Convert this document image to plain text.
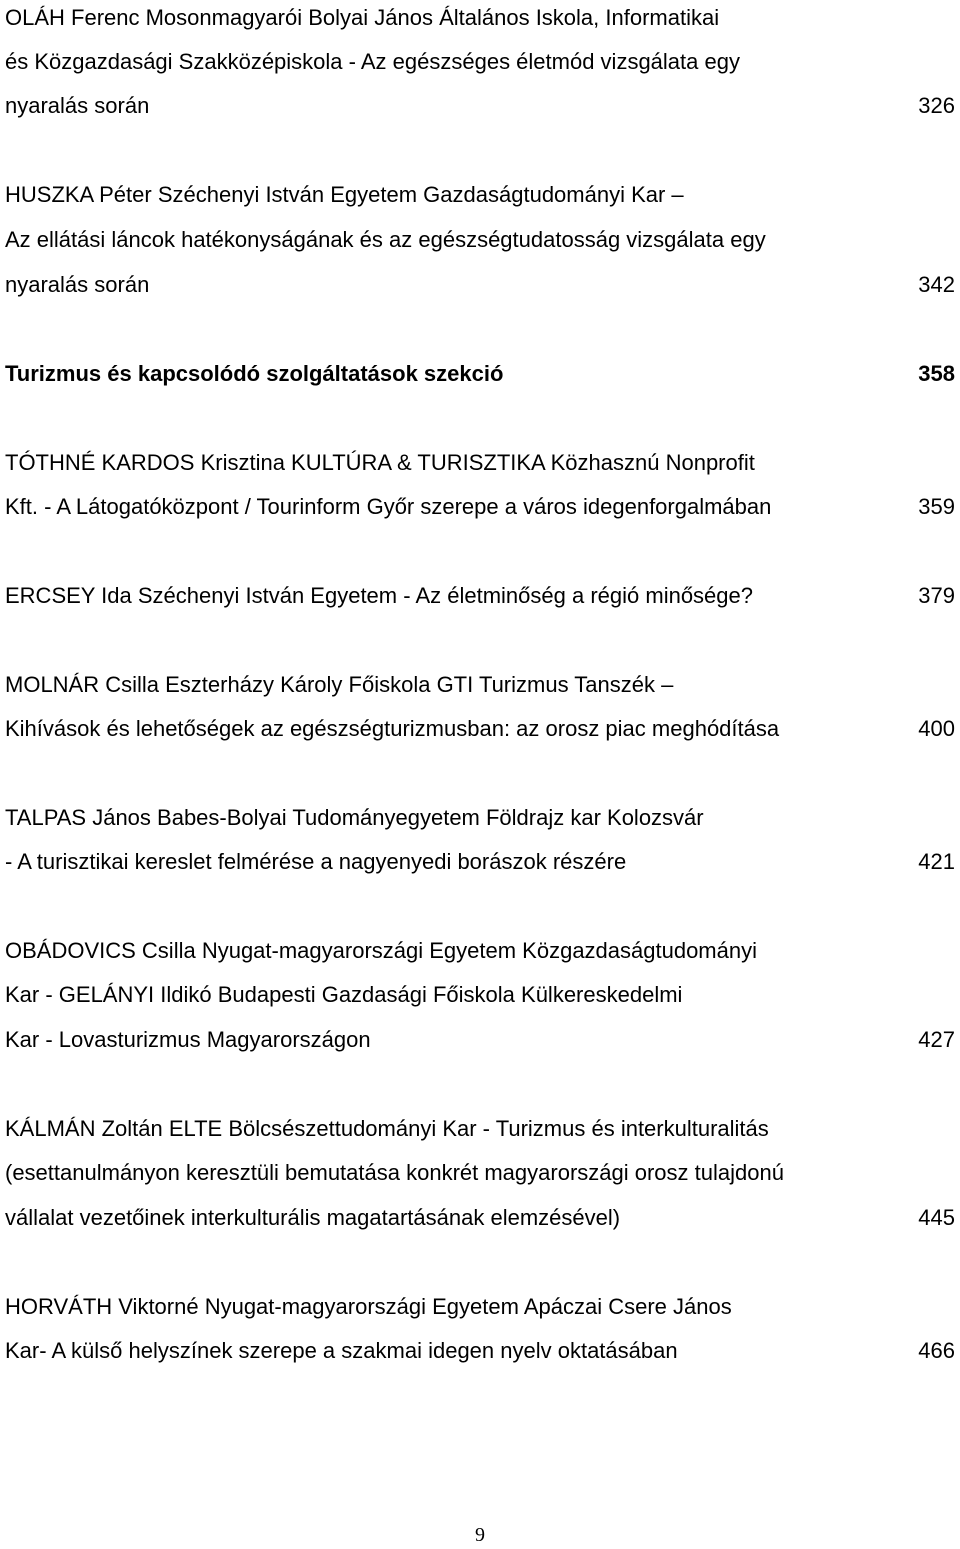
OLÁH Ferenc Mosonmagyarói Bolyai János Általános Iskola, Informatikai
és Közgazdasági Szakközépiskola - Az egészséges életmód vizsgálata egy
nyaralás során	326
HUSZKA Péter Széchenyi István Egyetem Gazdaságtudományi Kar –
Az ellátási láncok hatékonyságának és az egészségtudatosság vizsgálata egy
nyaralás során	342
Turizmus és kapcsolódó szolgáltatások szekció	358
TÓTHNÉ KARDOS Krisztina KULTÚRA & TURISZTIKA Közhasznú Nonprofit
Kft. - A Látogatóközpont / Tourinform Győr szerepe a város idegenforgalmában	359
ERCSEY Ida Széchenyi István Egyetem - Az életminőség a régió minősége?	379
MOLNÁR Csilla Eszterházy Károly Főiskola GTI Turizmus Tanszék –
Kihívások és lehetőségek az egészségturizmusban: az orosz piac meghódítása	400
TALPAS János Babes-Bolyai Tudományegyetem Földrajz kar Kolozsvár
- A turisztikai kereslet felmérése a nagyenyedi borászok részére	421
OBÁDOVICS Csilla Nyugat-magyarországi Egyetem Közgazdaságtudományi
Kar - GELÁNYI Ildikó Budapesti Gazdasági Főiskola Külkereskedelmi
Kar - Lovasturizmus Magyarországon	427
KÁLMÁN Zoltán ELTE Bölcsészettudományi Kar - Turizmus és interkulturalitás
(esettanulmányon keresztüli bemutatása konkrét magyarországi orosz tulajdonú
vállalat vezetőinek interkulturális magatartásának elemzésével)	445
HORVÁTH Viktorné Nyugat-magyarországi Egyetem Apáczai Csere János
Kar- A külső helyszínek szerepe a szakmai idegen nyelv oktatásában	466
9
